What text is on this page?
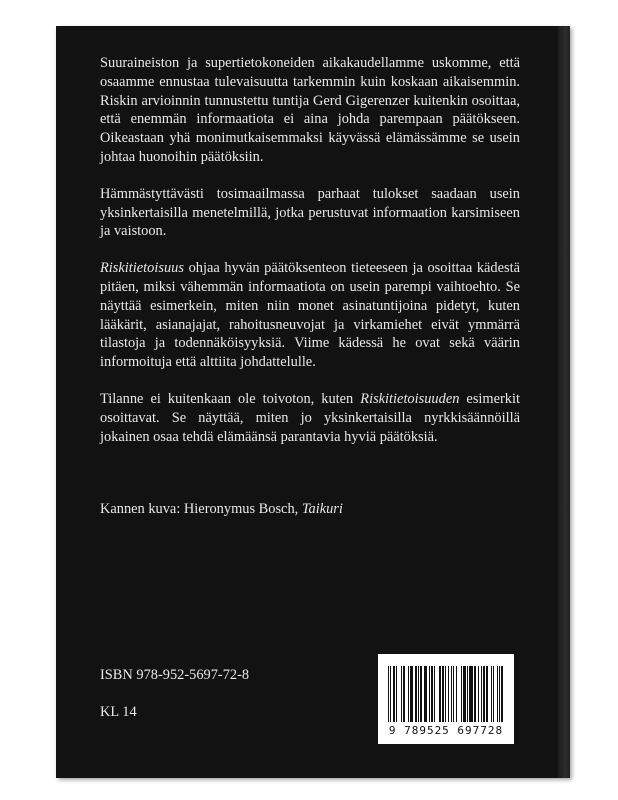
Suuraineiston ja supertietokoneiden aikakaudellamme uskomme, että osaamme ennustaa tulevaisuutta tarkemmin kuin koskaan aikaisemmin. Riskin arvioinnin tunnustettu tuntija Gerd Gigerenzer kuitenkin osoittaa, että enemmän informaatiota ei aina johda parempaan päätökseen. Oikeastaan yhä monimutkaisemmaksi käyvässä elämässämme se usein johtaa huonoihin päätöksiin.

Hämmästyttävästi tosimaailmassa parhaat tulokset saadaan usein yksinkertaisilla menetelmillä, jotka perustuvat informaation karsimiseen ja vaistoon.

Riskitietoisuus ohjaa hyvän päätöksenteon tieteeseen ja osoittaa kädestä pitäen, miksi vähemmän informaatiota on usein parempi vaihtoehto. Se näyttää esimerkein, miten niin monet asinatuntijoina pidetyt, kuten lääkärit, asianajajat, rahoitusneuvojat ja virkamiehet eivät ymmärrä tilastoja ja todennäköisyyksiä. Viime kädessä he ovat sekä väärin informoituja että alttiita johdattelulle.

Tilanne ei kuitenkaan ole toivoton, kuten Riskitietoisuuden esimerkit osoittavat. Se näyttää, miten jo yksinkertaisilla nyrkkisäännöillä jokainen osaa tehdä elämäänsä parantavia hyviä päätöksiä.

Kannen kuva: Hieronymus Bosch, Taikuri
ISBN 978-952-5697-72-8
KL 14
9 789525 697728
